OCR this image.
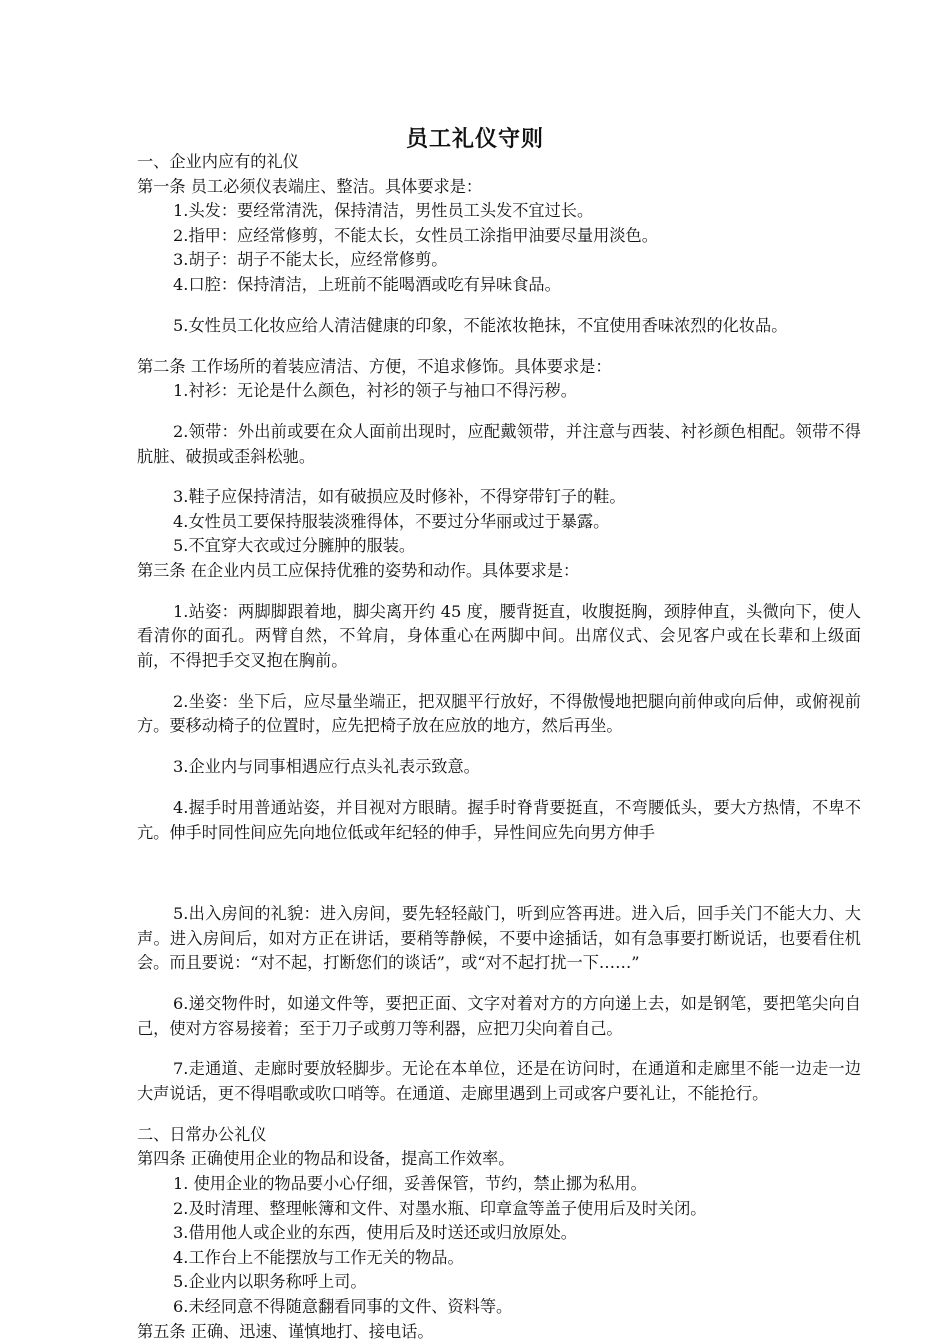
员工礼仪守则

一、企业内应有的礼仪

第一条 员工必须仪表端庄、整洁。具体要求是：

1.头发：要经常清洗，保持清洁，男性员工头发不宜过长。

2.指甲：应经常修剪，不能太长，女性员工涂指甲油要尽量用淡色。

3.胡子：胡子不能太长，应经常修剪。

4.口腔：保持清洁，上班前不能喝酒或吃有异味食品。

5.女性员工化妆应给人清洁健康的印象，不能浓妆艳抹，不宜使用香味浓烈的化妆品。

第二条 工作场所的着装应清洁、方便，不追求修饰。具体要求是：

1.衬衫：无论是什么颜色，衬衫的领子与袖口不得污秽。

2.领带：外出前或要在众人面前出现时，应配戴领带，并注意与西装、衬衫颜色相配。领带不得肮脏、破损或歪斜松驰。

3.鞋子应保持清洁，如有破损应及时修补，不得穿带钉子的鞋。

4.女性员工要保持服装淡雅得体，不要过分华丽或过于暴露。

5.不宜穿大衣或过分臃肿的服装。

第三条 在企业内员工应保持优雅的姿势和动作。具体要求是：

1.站姿：两脚脚跟着地，脚尖离开约 45 度，腰背挺直，收腹挺胸，颈脖伸直，头微向下，使人看清你的面孔。两臂自然，不耸肩，身体重心在两脚中间。出席仪式、会见客户或在长辈和上级面前，不得把手交叉抱在胸前。

2.坐姿：坐下后，应尽量坐端正，把双腿平行放好，不得傲慢地把腿向前伸或向后伸，或俯视前方。要移动椅子的位置时，应先把椅子放在应放的地方，然后再坐。

3.企业内与同事相遇应行点头礼表示致意。

4.握手时用普通站姿，并目视对方眼睛。握手时脊背要挺直，不弯腰低头，要大方热情，不卑不亢。伸手时同性间应先向地位低或年纪轻的伸手，异性间应先向男方伸手

5.出入房间的礼貌：进入房间，要先轻轻敲门，听到应答再进。进入后，回手关门不能大力、大声。进入房间后，如对方正在讲话，要稍等静候，不要中途插话，如有急事要打断说话，也要看住机会。而且要说：“对不起，打断您们的谈话”，或“对不起打扰一下……”

6.递交物件时，如递文件等，要把正面、文字对着对方的方向递上去，如是钢笔，要把笔尖向自己，使对方容易接着；至于刀子或剪刀等利器，应把刀尖向着自己。

7.走通道、走廊时要放轻脚步。无论在本单位，还是在访问时，在通道和走廊里不能一边走一边大声说话，更不得唱歌或吹口哨等。在通道、走廊里遇到上司或客户要礼让，不能抢行。

二、日常办公礼仪

第四条 正确使用企业的物品和设备，提高工作效率。

1. 使用企业的物品要小心仔细，妥善保管，节约，禁止挪为私用。

2.及时清理、整理帐簿和文件、对墨水瓶、印章盒等盖子使用后及时关闭。

3.借用他人或企业的东西，使用后及时送还或归放原处。

4.工作台上不能摆放与工作无关的物品。

5.企业内以职务称呼上司。

6.未经同意不得随意翻看同事的文件、资料等。

第五条 正确、迅速、谨慎地打、接电话。
